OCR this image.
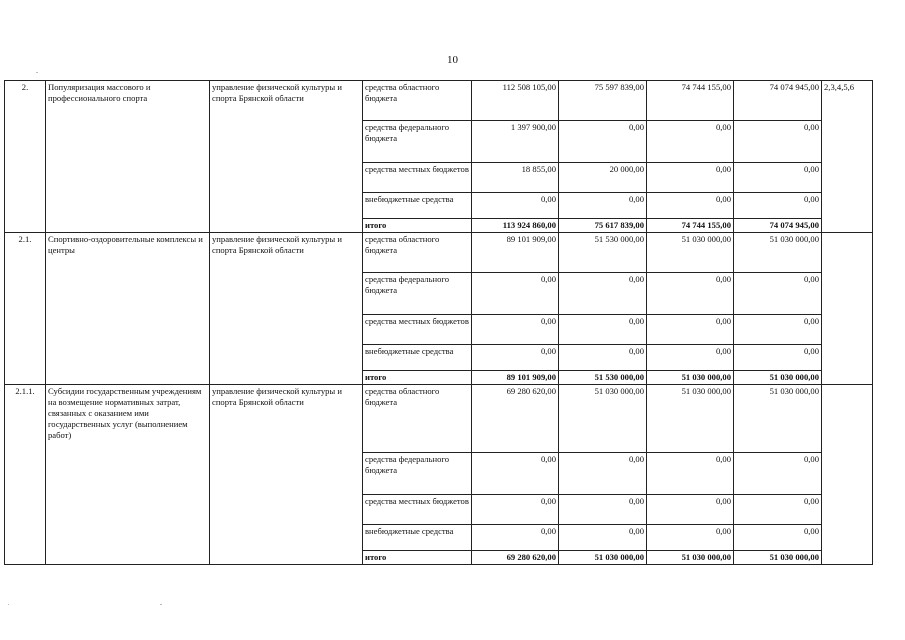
10
2.	Популяризация массового и профессионального спорта	управление физической культуры и спорта Брянской области	средства областного бюджета	112 508 105,00	75 597 839,00	74 744 155,00	74 074 945,00	2,3,4,5,6
			средства федерального бюджета	1 397 900,00	0,00	0,00	0,00	
			средства местных бюджетов	18 855,00	20 000,00	0,00	0,00	
			внебюджетные средства	0,00	0,00	0,00	0,00	
			итого	113 924 860,00	75 617 839,00	74 744 155,00	74 074 945,00	
2.1.	Спортивно-оздоровительные комплексы и центры	управление физической культуры и спорта Брянской области	средства областного бюджета	89 101 909,00	51 530 000,00	51 030 000,00	51 030 000,00	
			средства федерального бюджета	0,00	0,00	0,00	0,00	
			средства местных бюджетов	0,00	0,00	0,00	0,00	
			внебюджетные средства	0,00	0,00	0,00	0,00	
			итого	89 101 909,00	51 530 000,00	51 030 000,00	51 030 000,00	
2.1.1.	Субсидии государственным учреждениям на возмещение нормативных затрат, связанных с оказанием ими государственных услуг (выполнением работ)	управление физической культуры и спорта Брянской области	средства областного бюджета	69 280 620,00	51 030 000,00	51 030 000,00	51 030 000,00	
			средства федерального бюджета	0,00	0,00	0,00	0,00	
			средства местных бюджетов	0,00	0,00	0,00	0,00	
			внебюджетные средства	0,00	0,00	0,00	0,00	
			итого	69 280 620,00	51 030 000,00	51 030 000,00	51 030 000,00	
